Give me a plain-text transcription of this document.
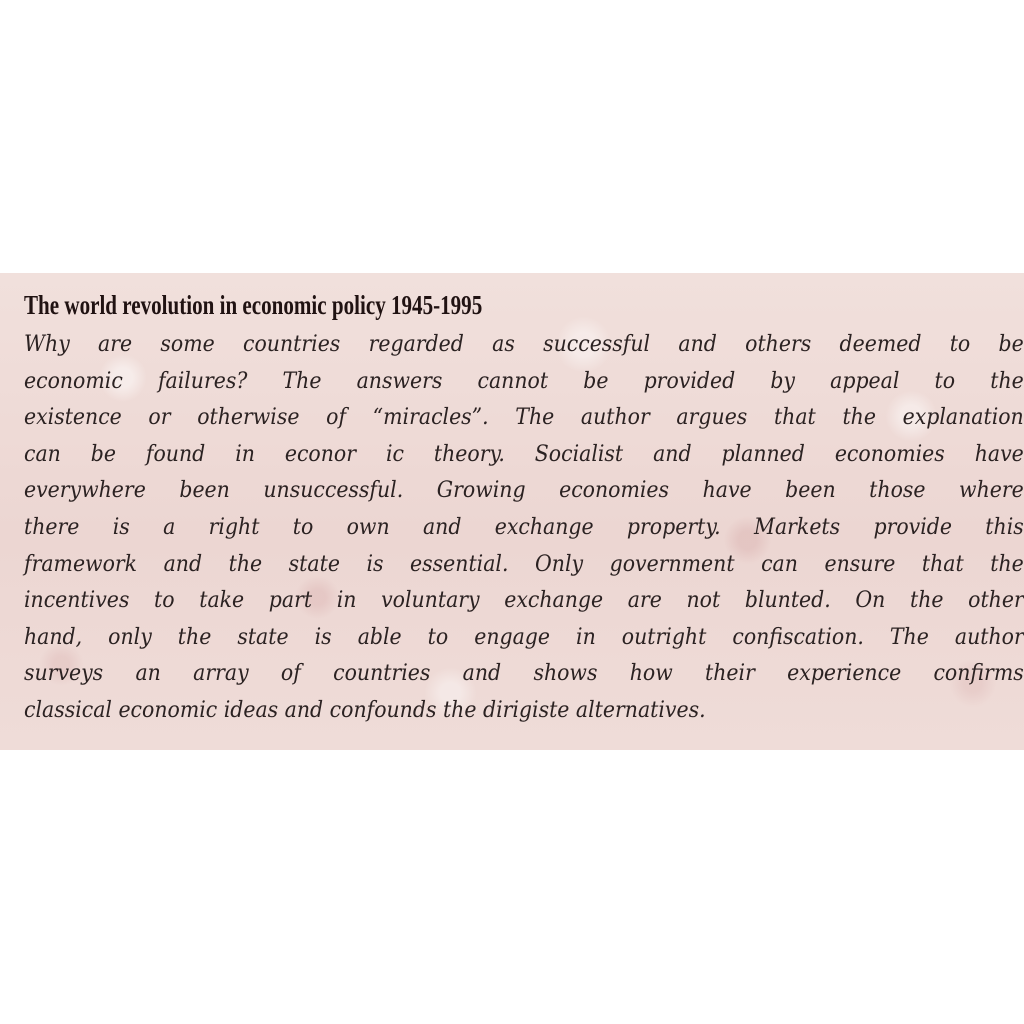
The world revolution in economic policy 1945-1995
Why are some countries regarded as successful and others deemed to be
economic failures? The answers cannot be provided by appeal to the
existence or otherwise of “miracles”. The author argues that the explanation
can be found in econor ic theory. Socialist and planned economies have
everywhere been unsuccessful. Growing economies have been those where
there is a right to own and exchange property. Markets provide this
framework and the state is essential. Only government can ensure that the
incentives to take part in voluntary exchange are not blunted. On the other
hand, only the state is able to engage in outright confiscation. The author
surveys an array of countries and shows how their experience confirms
classical economic ideas and confounds the dirigiste alternatives.
